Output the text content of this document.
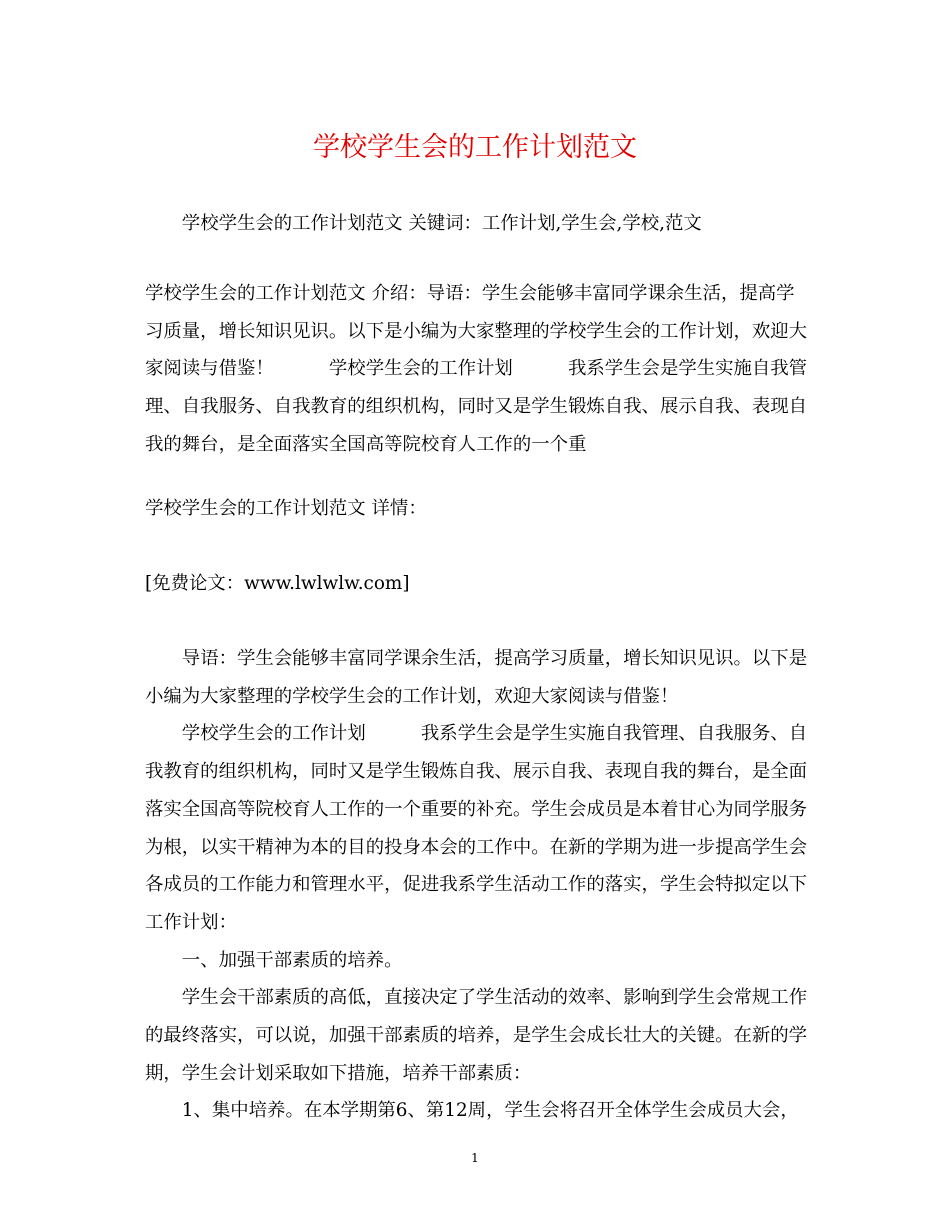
学校学生会的工作计划范文
学校学生会的工作计划范文 关键词：工作计划,学生会,学校,范文
学校学生会的工作计划范文 介绍：导语：学生会能够丰富同学课余生活，提高学习质量，增长知识见识。以下是小编为大家整理的学校学生会的工作计划，欢迎大家阅读与借鉴！　　　学校学生会的工作计划　　　我系学生会是学生实施自我管理、自我服务、自我教育的组织机构，同时又是学生锻炼自我、展示自我、表现自我的舞台，是全面落实全国高等院校育人工作的一个重
学校学生会的工作计划范文 详情：
[免费论文：www.lwlwlw.com]

导语：学生会能够丰富同学课余生活，提高学习质量，增长知识见识。以下是小编为大家整理的学校学生会的工作计划，欢迎大家阅读与借鉴！

学校学生会的工作计划　　　我系学生会是学生实施自我管理、自我服务、自我教育的组织机构，同时又是学生锻炼自我、展示自我、表现自我的舞台，是全面落实全国高等院校育人工作的一个重要的补充。学生会成员是本着甘心为同学服务为根，以实干精神为本的目的投身本会的工作中。在新的学期为进一步提高学生会各成员的工作能力和管理水平，促进我系学生活动工作的落实，学生会特拟定以下工作计划：

一、加强干部素质的培养。

学生会干部素质的高低，直接决定了学生活动的效率、影响到学生会常规工作的最终落实，可以说，加强干部素质的培养，是学生会成长壮大的关键。在新的学期，学生会计划采取如下措施，培养干部素质：

1、集中培养。在本学期第6、第12周，学生会将召开全体学生会成员大会，

1
